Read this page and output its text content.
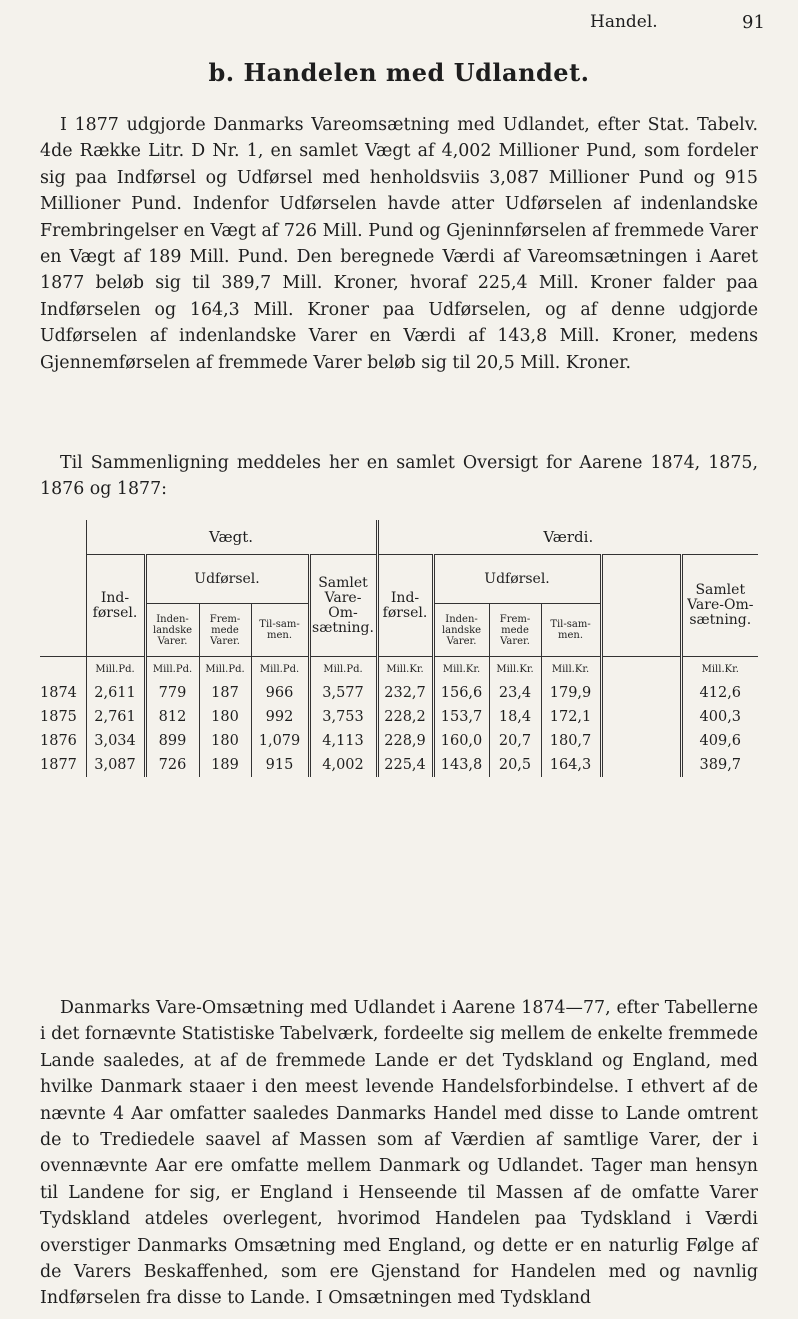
Handel.	91
b. Handelen med Udlandet.

I 1877 udgjorde Danmarks Vareomsætning med Udlandet, efter Stat. Tabelv. 4de Række Litr. D Nr. 1, en samlet Vægt af 4,002 Millioner Pund, som fordeler sig paa Indførsel og Udførsel med henholdsviis 3,087 Millioner Pund og 915 Millioner Pund. Indenfor Udførselen havde atter Udførselen af indenlandske Frembringelser en Vægt af 726 Mill. Pund og Gjeninnførselen af fremmede Varer en Vægt af 189 Mill. Pund. Den beregnede Værdi af Vareomsætningen i Aaret 1877 beløb sig til 389,7 Mill. Kroner, hvoraf 225,4 Mill. Kroner falder paa Indførselen og 164,3 Mill. Kroner paa Udførselen, og af denne udgjorde Udførselen af indenlandske Varer en Værdi af 143,8 Mill. Kroner, medens Gjennemførselen af fremmede Varer beløb sig til 20,5 Mill. Kroner.

Til Sammenligning meddeles her en samlet Oversigt for Aarene 1874, 1875, 1876 og 1877:

	Vægt.					Værdi.					
	Ind-førsel.	Udførsel.			Samlet Vare-Om-sætning.	Ind-førsel.	Udførsel.				Samlet Vare-Om-sætning.
		Inden-landske Varer.	Frem-mede Varer.	Til-sam-men.			Inden-landske Varer.	Frem-mede Varer.	Til-sam-men.		
	Mill.Pd.	Mill.Pd.	Mill.Pd.	Mill.Pd.	Mill.Pd.	Mill.Kr.	Mill.Kr.	Mill.Kr.	Mill.Kr.		Mill.Kr.
1874	2,611	779	187	966	3,577	232,7	156,6	23,4	179,9		412,6
1875	2,761	812	180	992	3,753	228,2	153,7	18,4	172,1		400,3
1876	3,034	899	180	1,079	4,113	228,9	160,0	20,7	180,7		409,6
1877	3,087	726	189	915	4,002	225,4	143,8	20,5	164,3		389,7

Danmarks Vare-Omsætning med Udlandet i Aarene 1874—77, efter Tabellerne i det fornævnte Statistiske Tabelværk, fordeelte sig mellem de enkelte fremmede Lande saaledes, at af de fremmede Lande er det Tydskland og England, med hvilke Danmark staaer i den meest levende Handelsforbindelse. I ethvert af de nævnte 4 Aar omfatter saaledes Danmarks Handel med disse to Lande omtrent de to Trediedele saavel af Massen som af Værdien af samtlige Varer, der i ovennævnte Aar ere omfatte mellem Danmark og Udlandet. Tager man hensyn til Landene for sig, er England i Henseende til Massen af de omfatte Varer Tydskland atdeles overlegent, hvorimod Handelen paa Tydskland i Værdi overstiger Danmarks Omsætning med England, og dette er en naturlig Følge af de Varers Beskaffenhed, som ere Gjenstand for Handelen med og navnlig Indførselen fra disse to Lande. I Omsætningen med Tydskland
